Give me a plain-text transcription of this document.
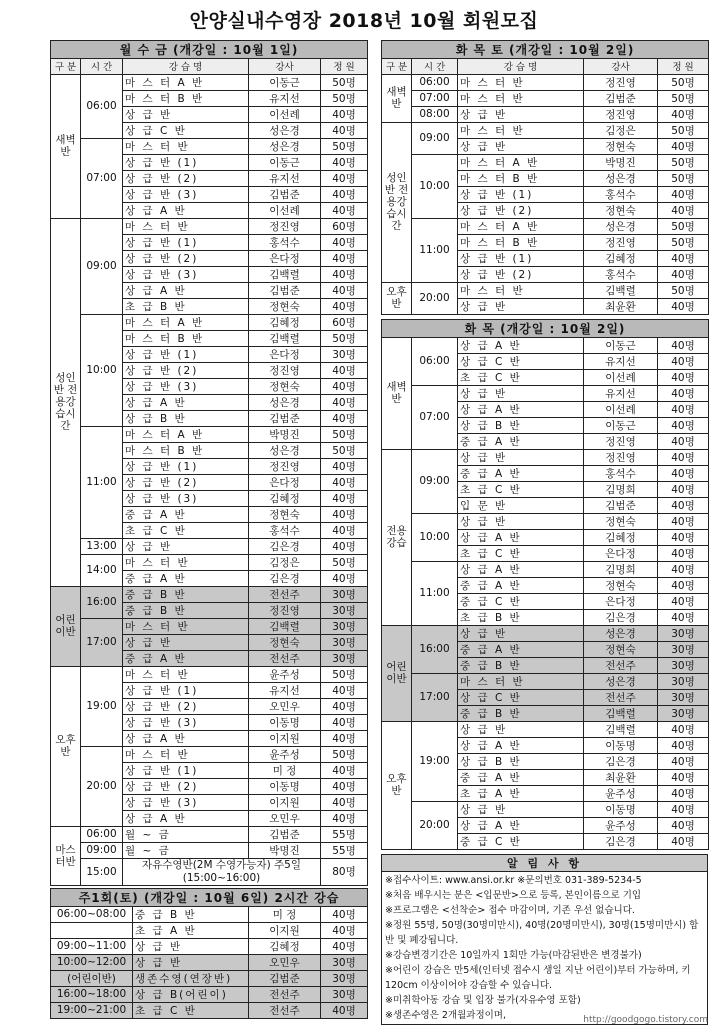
안양실내수영장 2018년 10월 회원모집
월 수 금 (개강일 : 10월 1일)				
구 분	시 간	강 습 명	강사	정 원
새벽반	06:00	마 스 터 A 반	이동근	50명
		마 스 터 B 반	유지선	50명
		상 급 반	이선례	40명
		상 급 C 반	성은경	40명
	07:00	마 스 터 반	성은경	50명
		상 급 반 (1)	이동근	40명
		상 급 반 (2)	유지선	40명
		상 급 반 (3)	김범준	40명
		상 급 A 반	이선례	40명
성인반 전용강습시간	09:00	마 스 터 반	정진영	60명
		상 급 반 (1)	홍석수	40명
		상 급 반 (2)	은다정	40명
		상 급 반 (3)	김백렬	40명
		상 급 A 반	김범준	40명
		초 급 B 반	정현숙	40명
	10:00	마 스 터 A 반	김혜정	60명
		마 스 터 B 반	김백렬	50명
		상 급 반 (1)	은다정	30명
		상 급 반 (2)	정진영	40명
		상 급 반 (3)	정현숙	40명
		상 급 A 반	성은경	40명
		상 급 B 반	김범준	40명
	11:00	마 스 터 A 반	박명진	50명
		마 스 터 B 반	성은경	50명
		상 급 반 (1)	정진영	40명
		상 급 반 (2)	은다정	40명
		상 급 반 (3)	김혜정	40명
		중 급 A 반	정현숙	40명
		초 급 C 반	홍석수	40명
	13:00	상 급 반	김은경	40명
	14:00	마 스 터 반	김정은	50명
		중 급 A 반	김은경	40명
어린이반	16:00	중 급 B 반	전선주	30명
		중 급 B 반	정진영	30명
	17:00	마 스 터 반	김백렬	30명
		상 급 반	정현숙	30명
		중 급 A 반	전선주	30명
오후반	19:00	마 스 터 반	윤주성	50명
		상 급 반 (1)	유지선	40명
		상 급 반 (2)	오민우	40명
		상 급 반 (3)	이동명	40명
		상 급 A 반	이지원	40명
	20:00	마 스 터 반	윤주성	50명
		상 급 반 (1)	미 정	40명
		상 급 반 (2)	이동명	40명
		상 급 반 (3)	이지원	40명
		상 급 A 반	오민우	40명
마스터반	06:00	월 ~ 금	김범준	55명
	09:00	월 ~ 금	박명진	55명
	15:00	자유수영반(2M 수영가능자) 주5일(15:00~16:00)		80명
주1회(토) (개강일 : 10월 6일) 2시간 강습			
06:00~08:00	중 급 B 반	미 정	40명
	초 급 A 반	이지원	40명
09:00~11:00	상 급 반	김혜정	40명
10:00~12:00	상 급 반	오민우	30명
(어린이반)	생존수영(연장반)	김범준	30명
16:00~18:00	상 급 B(어린이)	전선주	30명
19:00~21:00	초 급 C 반	전선주	40명
화 목 토 (개강일 : 10월 2일)				
구 분	시 간	강 습 명	강사	정 원
새벽반	06:00	마 스 터 반	정진영	50명
	07:00	마 스 터 반	김범준	50명
	08:00	상 급 반	정진영	40명
성인반 전용강습시간	09:00	마 스 터 반	김정은	50명
		상 급 반	정현숙	40명
	10:00	마 스 터 A 반	박명진	50명
		마 스 터 B 반	성은경	50명
		상 급 반 (1)	홍석수	40명
		상 급 반 (2)	정현숙	40명
	11:00	마 스 터 A 반	성은경	50명
		마 스 터 B 반	정진영	50명
		상 급 반 (1)	김혜정	40명
		상 급 반 (2)	홍석수	40명
오후반	20:00	마 스 터 반	김백렬	50명
		상 급 반	최윤환	40명
화 목 (개강일 : 10월 2일)				
새벽반	06:00	상 급 A 반	이동근	40명
		상 급 C 반	유지선	40명
		초 급 C 반	이선례	40명
	07:00	상 급 반	유지선	40명
		상 급 A 반	이선례	40명
		상 급 B 반	이동근	40명
		중 급 A 반	정진영	40명
전용강습	09:00	상 급 반	정진영	40명
		중 급 A 반	홍석수	40명
		초 급 C 반	김명희	40명
		입 문 반	김범준	40명
	10:00	상 급 반	정현숙	40명
		상 급 A 반	김혜정	40명
		초 급 C 반	은다정	40명
	11:00	상 급 A 반	김명희	40명
		중 급 A 반	정현숙	40명
		중 급 C 반	은다정	40명
		초 급 B 반	김은경	40명
어린이반	16:00	상 급 반	성은경	30명
		중 급 A 반	정현숙	30명
		중 급 B 반	전선주	30명
	17:00	마 스 터 반	성은경	30명
		상 급 C 반	전선주	30명
		중 급 B 반	김백렬	30명
오후반	19:00	상 급 반	김백렬	40명
		상 급 A 반	이동명	40명
		상 급 B 반	김은경	40명
		중 급 A 반	최윤환	40명
		초 급 A 반	윤주성	40명
	20:00	상 급 반	이동명	40명
		상 급 A 반	윤주성	40명
		중 급 C 반	김은경	40명
알 림 사 항

※접수사이트: www.ansi.or.kr ※문의번호 031-389-5234-5
※처음 배우시는 분은 <입문반>으로 등록, 본인이름으로 기입
※프로그램은 <선착순> 접수 마감이며, 기존 우선 없습니다.
※정원 55명, 50명(30명미만시), 40명(20명미만시), 30명(15명미만시) 합반 및 폐강됩니다.
※강습변경기간은 10일까지 1회만 가능(마감된반은 변경불가)
※어린이 강습은 만5세(인터넷 접수시 생일 지난 어린이)부터 가능하며, 키120cm 이상이어야 강습할 수 있습니다.
※미취학아동 강습 및 입장 불가(자유수영 포함)
※생존수영은 2개월과정이며,	http://goodgogo.tistory.com
